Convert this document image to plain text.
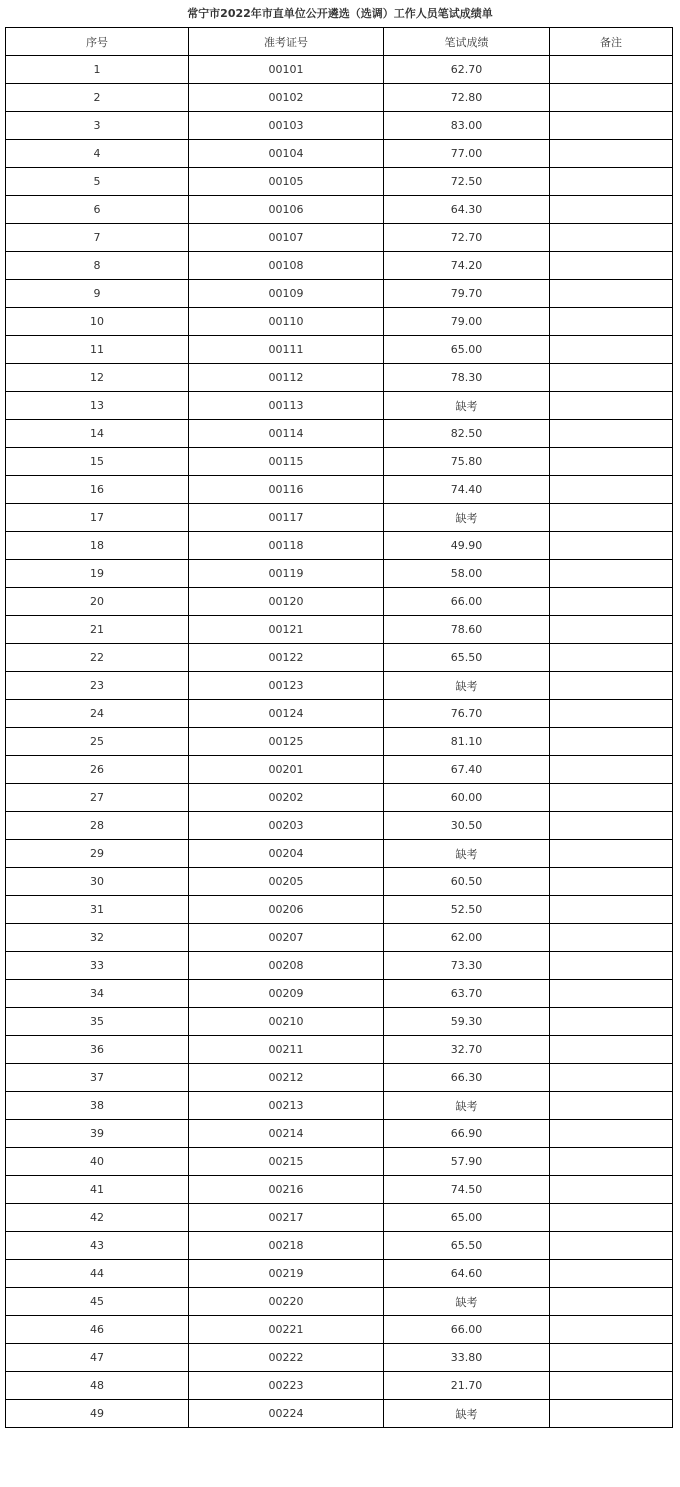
常宁市2022年市直单位公开遴选（选调）工作人员笔试成绩单
序号	准考证号	笔试成绩	备注
1	00101	62.70	
2	00102	72.80	
3	00103	83.00	
4	00104	77.00	
5	00105	72.50	
6	00106	64.30	
7	00107	72.70	
8	00108	74.20	
9	00109	79.70	
10	00110	79.00	
11	00111	65.00	
12	00112	78.30	
13	00113	缺考	
14	00114	82.50	
15	00115	75.80	
16	00116	74.40	
17	00117	缺考	
18	00118	49.90	
19	00119	58.00	
20	00120	66.00	
21	00121	78.60	
22	00122	65.50	
23	00123	缺考	
24	00124	76.70	
25	00125	81.10	
26	00201	67.40	
27	00202	60.00	
28	00203	30.50	
29	00204	缺考	
30	00205	60.50	
31	00206	52.50	
32	00207	62.00	
33	00208	73.30	
34	00209	63.70	
35	00210	59.30	
36	00211	32.70	
37	00212	66.30	
38	00213	缺考	
39	00214	66.90	
40	00215	57.90	
41	00216	74.50	
42	00217	65.00	
43	00218	65.50	
44	00219	64.60	
45	00220	缺考	
46	00221	66.00	
47	00222	33.80	
48	00223	21.70	
49	00224	缺考	
